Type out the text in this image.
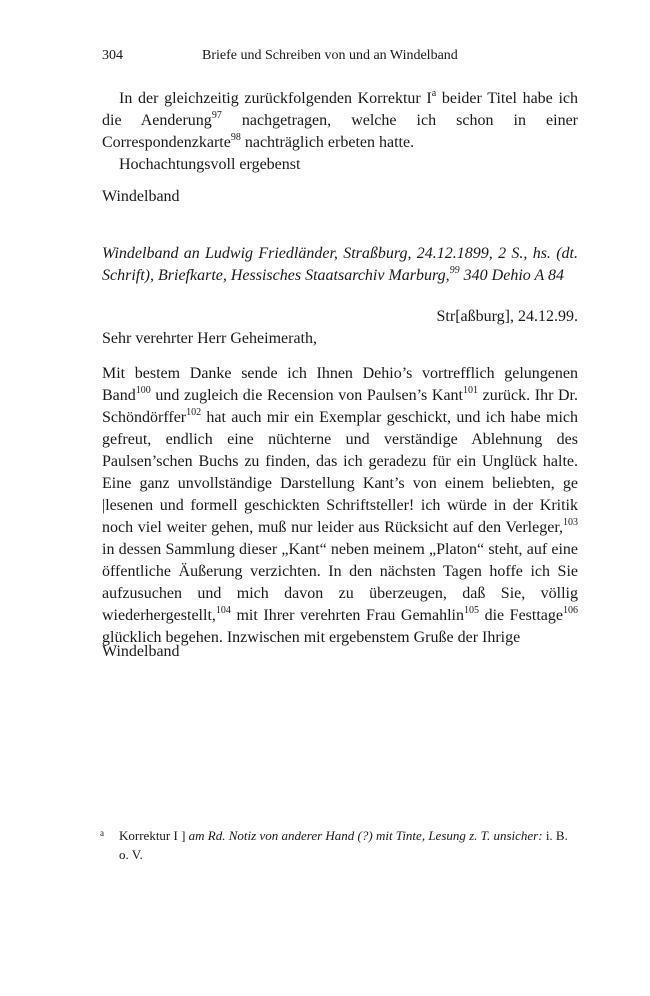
304	Briefe und Schreiben von und an Windelband

In der gleichzeitig zurückfolgenden Korrektur $I^a$ beider Titel habe ich die Aenderung$^{97}$ nachgetragen, welche ich schon in einer Correspondenzkarte$^{98}$ nachträglich erbeten hatte.

Hochachtungsvoll ergebenst

Windelband

Windelband an Ludwig Friedländer, Straßburg, 24.12.1899, 2 S., hs. (dt. Schrift), Briefkarte, Hessisches Staatsarchiv Marburg,$^{99}$ 340 Dehio A 84

Str[aßburg], 24.12.99.

Sehr verehrter Herr Geheimerath,

Mit bestem Danke sende ich Ihnen Dehio’s vortrefflich gelungenen Band$^{100}$ und zugleich die Recension von Paulsen’s Kant$^{101}$ zurück. Ihr Dr. Schöndörffer$^{102}$ hat auch mir ein Exemplar geschickt, und ich habe mich gefreut, endlich eine nüchterne und verständige Ablehnung des Paulsen’schen Buchs zu finden, das ich geradezu für ein Unglück halte. Eine ganz unvollständige Darstellung Kant’s von einem beliebten, ge |lesenen und formell geschickten Schriftsteller! ich würde in der Kritik noch viel weiter gehen, muß nur leider aus Rücksicht auf den Verleger,$^{103}$ in dessen Sammlung dieser „Kant“ neben meinem „Platon“ steht, auf eine öffentliche Äußerung verzichten. In den nächsten Tagen hoffe ich Sie aufzusuchen und mich davon zu überzeugen, daß Sie, völlig wiederhergestellt,$^{104}$ mit Ihrer verehrten Frau Gemahlin$^{105}$ die Festtage$^{106}$ glücklich begehen. Inzwischen mit ergebenstem Gruße der Ihrige

Windelband

a	Korrektur I ] am Rd. Notiz von anderer Hand (?) mit Tinte, Lesung z. T. unsicher: i. B. o. V.
